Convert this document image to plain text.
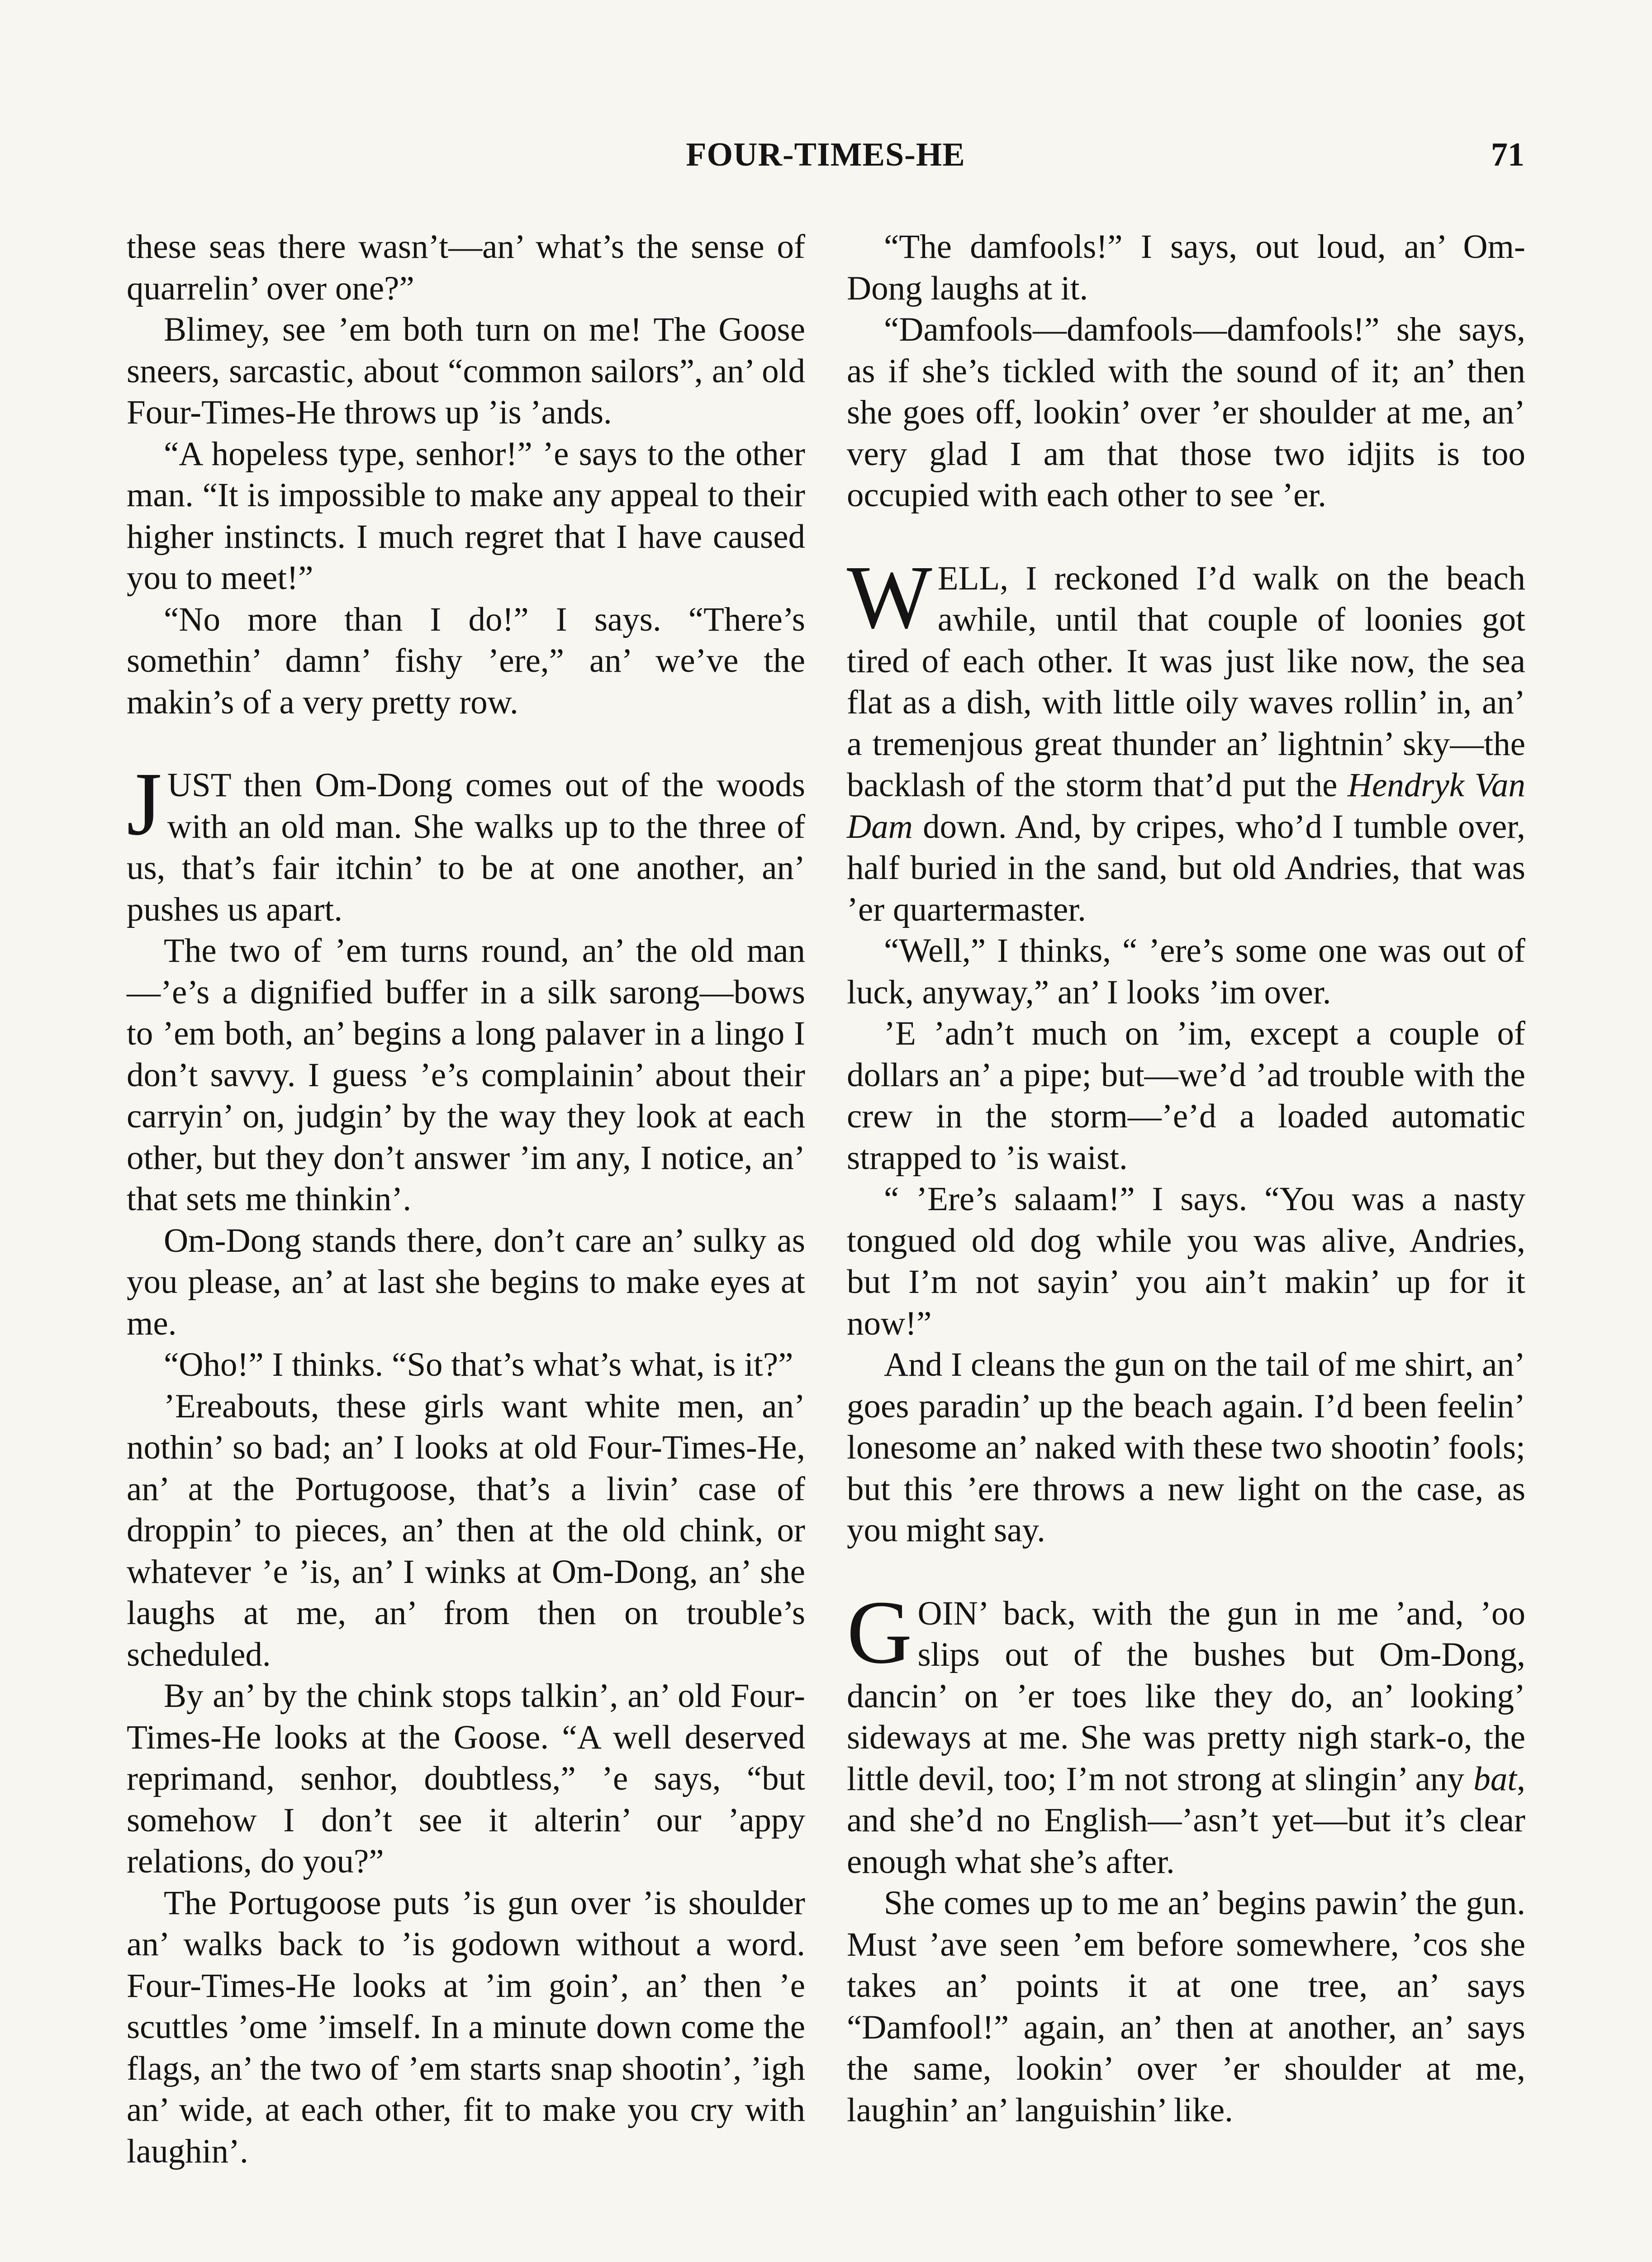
FOUR-TIMES-HE	71

these seas there wasn’t—an’ what’s the sense of quarrelin’ over one?”

Blimey, see ’em both turn on me! The Goose sneers, sarcastic, about “common sailors”, an’ old Four-Times-He throws up ’is ’ands.

“A hopeless type, senhor!” ’e says to the other man. “It is impossible to make any appeal to their higher instincts. I much regret that I have caused you to meet!”

“No more than I do!” I says. “There’s somethin’ damn’ fishy ’ere,” an’ we’ve the makin’s of a very pretty row.

JUST then Om-Dong comes out of the woods with an old man. She walks up to the three of us, that’s fair itchin’ to be at one another, an’ pushes us apart.

The two of ’em turns round, an’ the old man—’e’s a dignified buffer in a silk sarong—bows to ’em both, an’ begins a long palaver in a lingo I don’t savvy. I guess ’e’s complainin’ about their carryin’ on, judgin’ by the way they look at each other, but they don’t answer ’im any, I notice, an’ that sets me thinkin’.

Om-Dong stands there, don’t care an’ sulky as you please, an’ at last she begins to make eyes at me.

“Oho!” I thinks. “So that’s what’s what, is it?”

’Ereabouts, these girls want white men, an’ nothin’ so bad; an’ I looks at old Four-Times-He, an’ at the Portugoose, that’s a livin’ case of droppin’ to pieces, an’ then at the old chink, or whatever ’e ’is, an’ I winks at Om-Dong, an’ she laughs at me, an’ from then on trouble’s scheduled.

By an’ by the chink stops talkin’, an’ old Four-Times-He looks at the Goose. “A well deserved reprimand, senhor, doubtless,” ’e says, “but somehow I don’t see it alterin’ our ’appy relations, do you?”

The Portugoose puts ’is gun over ’is shoulder an’ walks back to ’is godown without a word. Four-Times-He looks at ’im goin’, an’ then ’e scuttles ’ome ’imself. In a minute down come the flags, an’ the two of ’em starts snap shootin’, ’igh an’ wide, at each other, fit to make you cry with laughin’.

“The damfools!” I says, out loud, an’ Om-Dong laughs at it.

“Damfools—damfools—damfools!” she says, as if she’s tickled with the sound of it; an’ then she goes off, lookin’ over ’er shoulder at me, an’ very glad I am that those two idjits is too occupied with each other to see ’er.

WELL, I reckoned I’d walk on the beach awhile, until that couple of loonies got tired of each other. It was just like now, the sea flat as a dish, with little oily waves rollin’ in, an’ a tremenjous great thunder an’ lightnin’ sky—the backlash of the storm that’d put the Hendryk Van Dam down. And, by cripes, who’d I tumble over, half buried in the sand, but old Andries, that was ’er quartermaster.

“Well,” I thinks, “ ’ere’s some one was out of luck, anyway,” an’ I looks ’im over.

’E ’adn’t much on ’im, except a couple of dollars an’ a pipe; but—we’d ’ad trouble with the crew in the storm—’e’d a loaded automatic strapped to ’is waist.

“ ’Ere’s salaam!” I says. “You was a nasty tongued old dog while you was alive, Andries, but I’m not sayin’ you ain’t makin’ up for it now!”

And I cleans the gun on the tail of me shirt, an’ goes paradin’ up the beach again. I’d been feelin’ lonesome an’ naked with these two shootin’ fools; but this ’ere throws a new light on the case, as you might say.

GOIN’ back, with the gun in me ’and, ’oo slips out of the bushes but Om-Dong, dancin’ on ’er toes like they do, an’ looking’ sideways at me. She was pretty nigh stark-o, the little devil, too; I’m not strong at slingin’ any bat, and she’d no English—’asn’t yet—but it’s clear enough what she’s after.

She comes up to me an’ begins pawin’ the gun. Must ’ave seen ’em before somewhere, ’cos she takes an’ points it at one tree, an’ says “Damfool!” again, an’ then at another, an’ says the same, lookin’ over ’er shoulder at me, laughin’ an’ languishin’ like.
